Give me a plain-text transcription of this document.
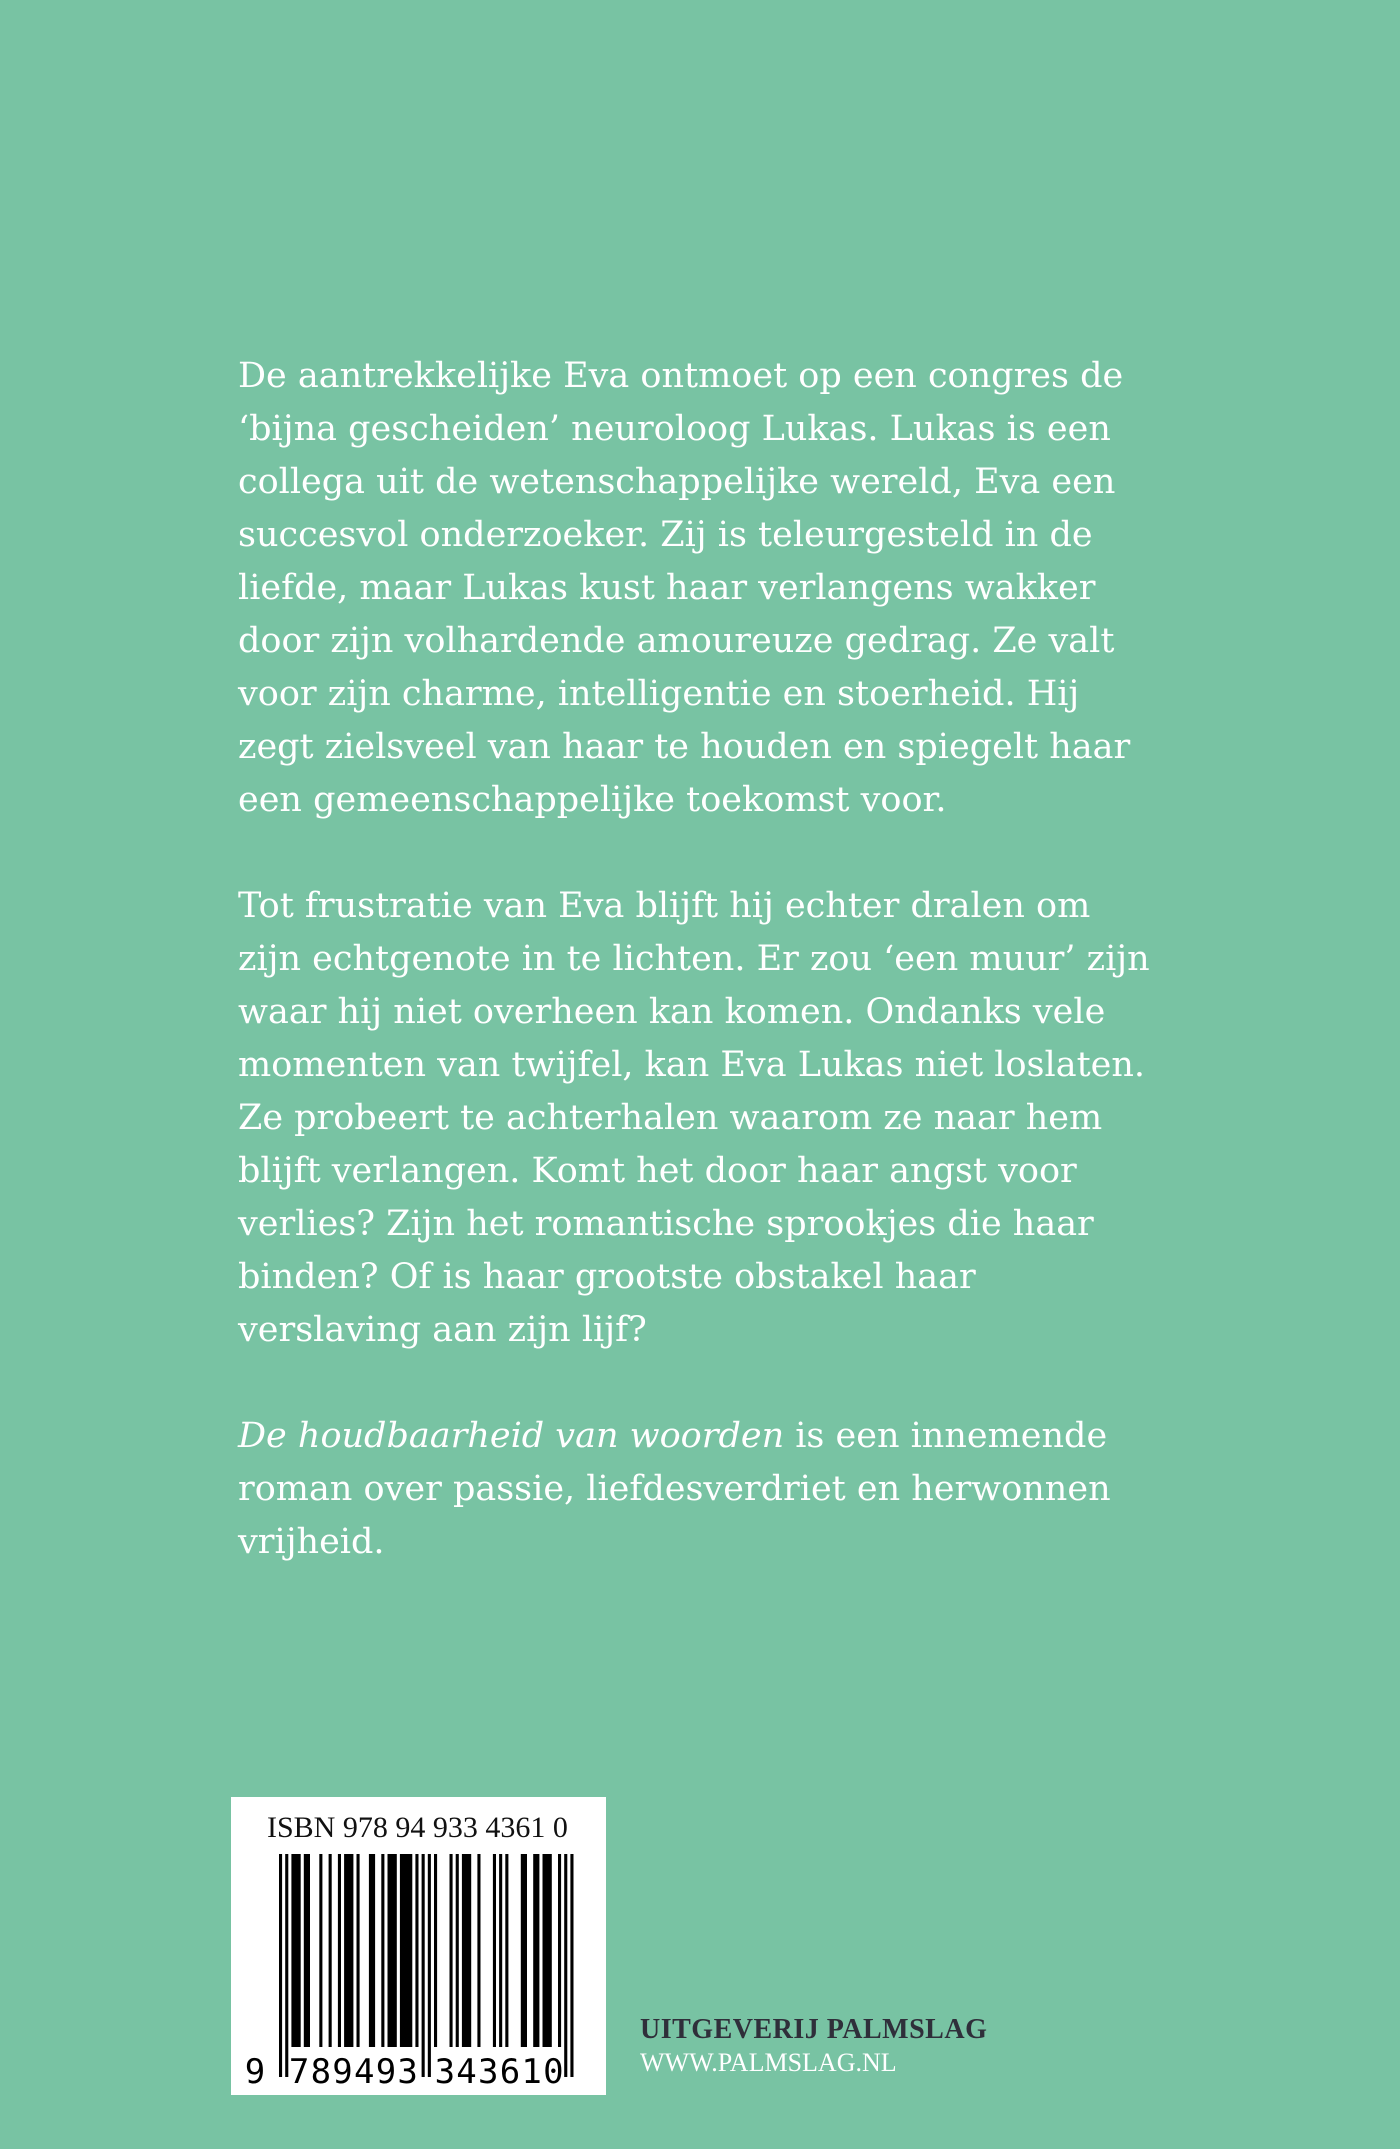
De aantrekkelijke Eva ontmoet op een congres de ‘bijna gescheiden’ neuroloog Lukas. Lukas is een collega uit de wetenschappelijke wereld, Eva een succesvol onderzoeker. Zij is teleurgesteld in de liefde, maar Lukas kust haar verlangens wakker door zijn volhardende amoureuze gedrag. Ze valt voor zijn charme, intelligentie en stoerheid. Hij zegt zielsveel van haar te houden en spiegelt haar een gemeenschappelijke toekomst voor.

Tot frustratie van Eva blijft hij echter dralen om zijn echtgenote in te lichten. Er zou ‘een muur’ zijn waar hij niet overheen kan komen. Ondanks vele momenten van twijfel, kan Eva Lukas niet loslaten. Ze probeert te achterhalen waarom ze naar hem blijft verlangen. Komt het door haar angst voor verlies? Zijn het romantische sprookjes die haar binden? Of is haar grootste obstakel haar verslaving aan zijn lijf?

De houdbaarheid van woorden is een innemende roman over passie, liefdesverdriet en herwonnen vrijheid.

ISBN 978 94 933 4361 0
9 7 8 9 4 9 3 3 4 3 6 1 0
UITGEVERIJ PALMSLAG
WWW.PALMSLAG.NL
